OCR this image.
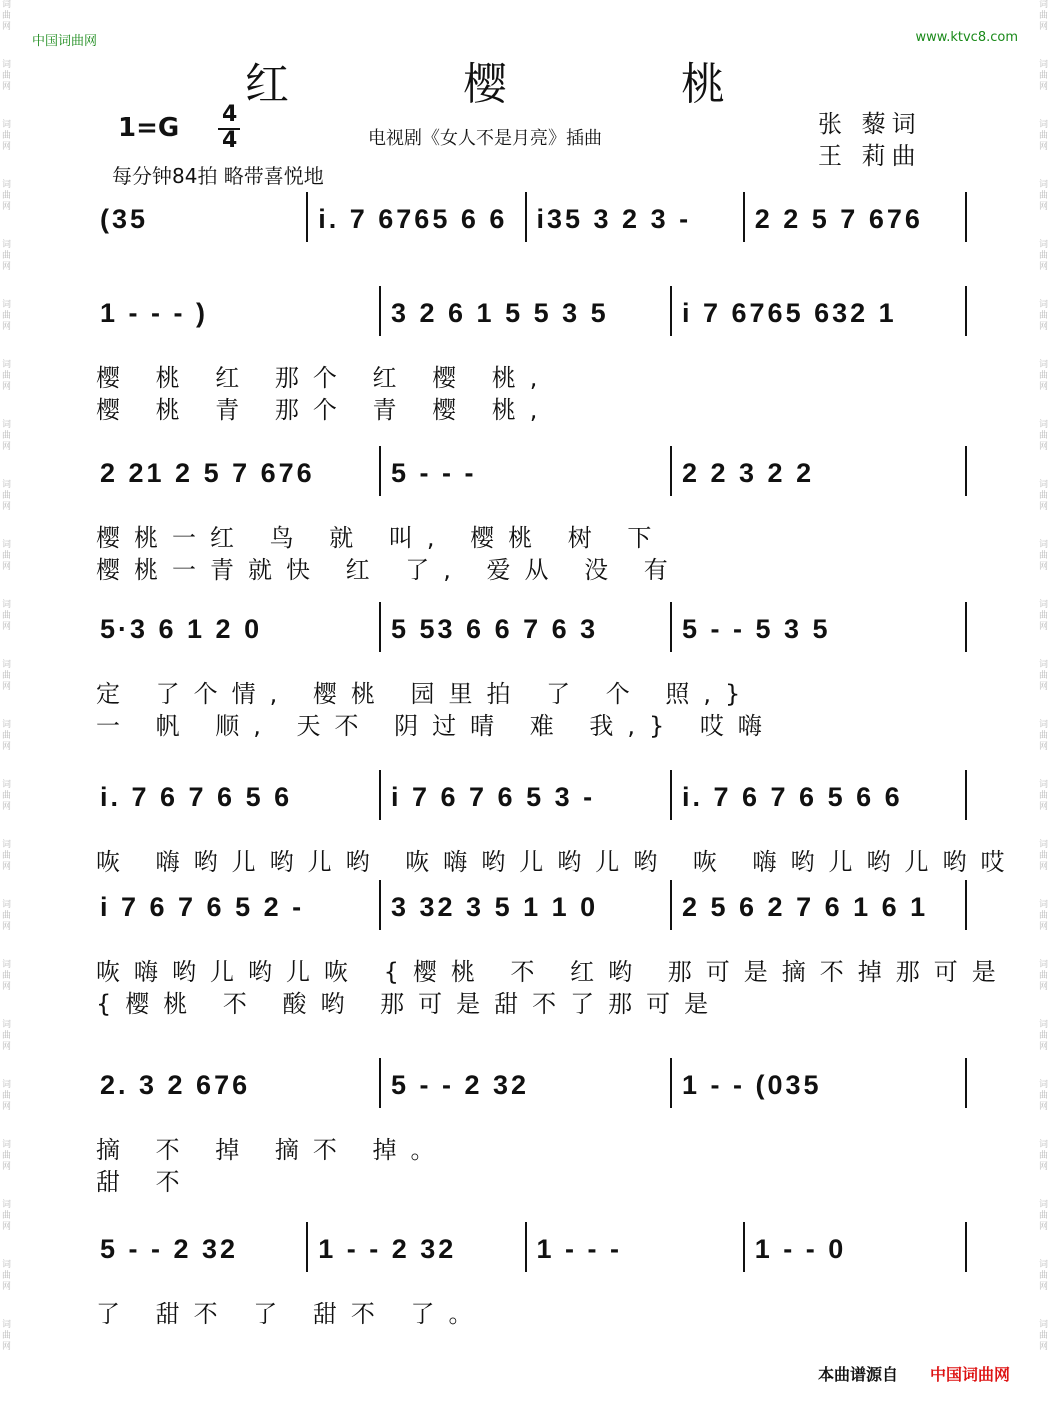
词
曲
网
词
曲
网
词
曲
网
词
曲
网
词
曲
网
词
曲
网
词
曲
网
词
曲
网
词
曲
网
词
曲
网
词
曲
网
词
曲
网
词
曲
网
词
曲
网
词
曲
网
词
曲
网
词
曲
网
词
曲
网
词
曲
网
词
曲
网
词
曲
网
词
曲
网
词
曲
网
词
曲
网
词
曲
网
词
曲
网
词
曲
网
词
曲
网
词
曲
网
词
曲
网
词
曲
网
词
曲
网
词
曲
网
词
曲
网
词
曲
网
词
曲
网
词
曲
网
词
曲
网
词
曲
网
词
曲
网
词
曲
网
词
曲
网
词
曲
网
词
曲
网
词
曲
网
词
曲
网
中国词曲网	www.ktvc8.com
红 樱 桃
1=G 4
4	电视剧《女人不是月亮》插曲
张 藜词
王 莉曲
每分钟84拍 略带喜悦地
(35	i. 7 6765 6 6 i35 3 2 3 - 2 2 5 7 676
1 - - - )	3 2 6 1 5 5 3 5	i 7 6765 632 1
樱 桃 红 那个 红 樱 桃,
樱 桃 青 那个 青 樱 桃,
2 21 2 5 7 676	5 - - -	2 2 3 2 2
樱桃一红 鸟 就 叫, 樱桃 树 下
樱桃一青就快 红 了, 爱从 没 有
5·3 6 1 2 0	5 53 6 6 7 6 3	5 - - 5 3 5
定 了个情, 樱桃 园里拍 了 个 照,}
一 帆 顺, 天不 阴过晴 难 我,} 哎嗨
i. 7 6 7 6 5 6	i 7 6 7 6 5 3 -	i. 7 6 7 6 5 6 6
咴 嗨哟儿哟儿哟 咴嗨哟儿哟儿哟 咴 嗨哟儿哟儿哟哎
i 7 6 7 6 5 2 -	3 32 3 5 1 1 0	2 5 6 2 7 6 1 6 1
咴嗨哟儿哟儿咴 {樱桃 不 红哟 那可是摘不掉那可是
{樱桃 不 酸哟 那可是甜不了那可是
2. 3 2 676	5 - - 2 32	1 - - (035
摘 不 掉 摘不 掉。
甜 不
5 - - 2 32	1 - - 2 32	1 - - -	1 - - 0
了 甜不 了 甜不 了。
本曲谱源自 中国词曲网
